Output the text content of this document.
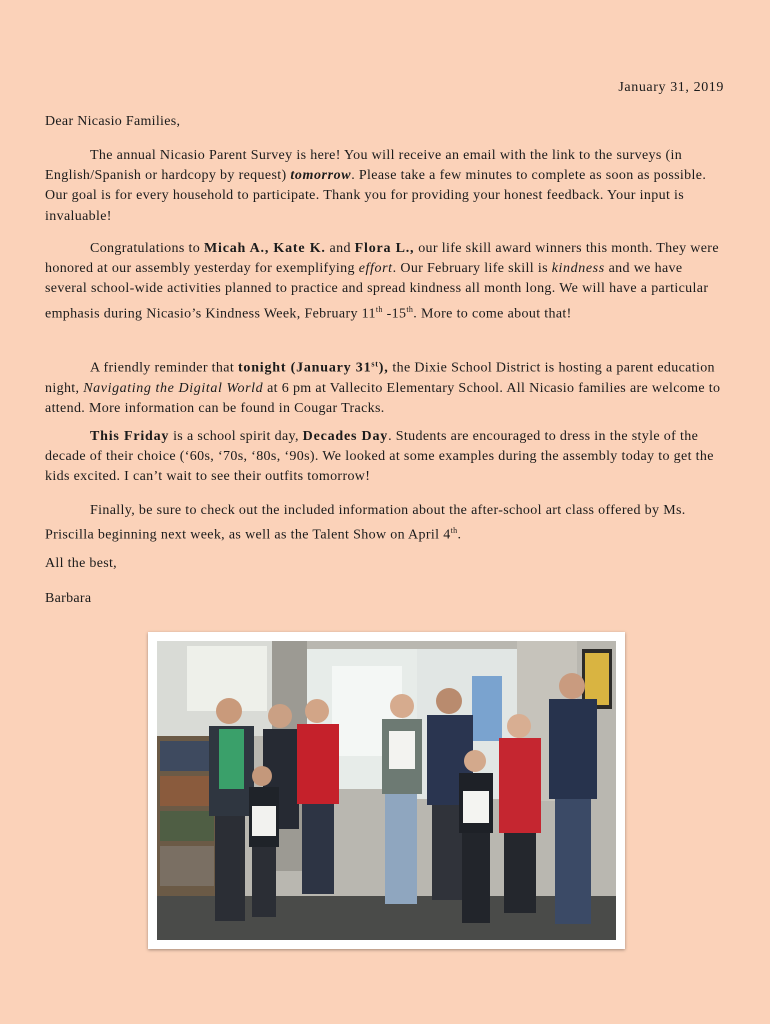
January 31, 2019
Dear Nicasio Families,

The annual Nicasio Parent Survey is here! You will receive an email with the link to the surveys (in English/Spanish or hardcopy by request) tomorrow. Please take a few minutes to complete as soon as possible. Our goal is for every household to participate. Thank you for providing your honest feedback. Your input is invaluable!

Congratulations to Micah A., Kate K. and Flora L., our life skill award winners this month. They were honored at our assembly yesterday for exemplifying effort. Our February life skill is kindness and we have several school-wide activities planned to practice and spread kindness all month long. We will have a particular emphasis during Nicasio’s Kindness Week, February 11th -15th. More to come about that!

A friendly reminder that tonight (January 31st), the Dixie School District is hosting a parent education night, Navigating the Digital World at 6 pm at Vallecito Elementary School. All Nicasio families are welcome to attend. More information can be found in Cougar Tracks.

This Friday is a school spirit day, Decades Day. Students are encouraged to dress in the style of the decade of their choice (‘60s, ‘70s, ‘80s, ‘90s). We looked at some examples during the assembly today to get the kids excited. I can’t wait to see their outfits tomorrow!

Finally, be sure to check out the included information about the after-school art class offered by Ms. Priscilla beginning next week, as well as the Talent Show on April 4th.

All the best,
Barbara
